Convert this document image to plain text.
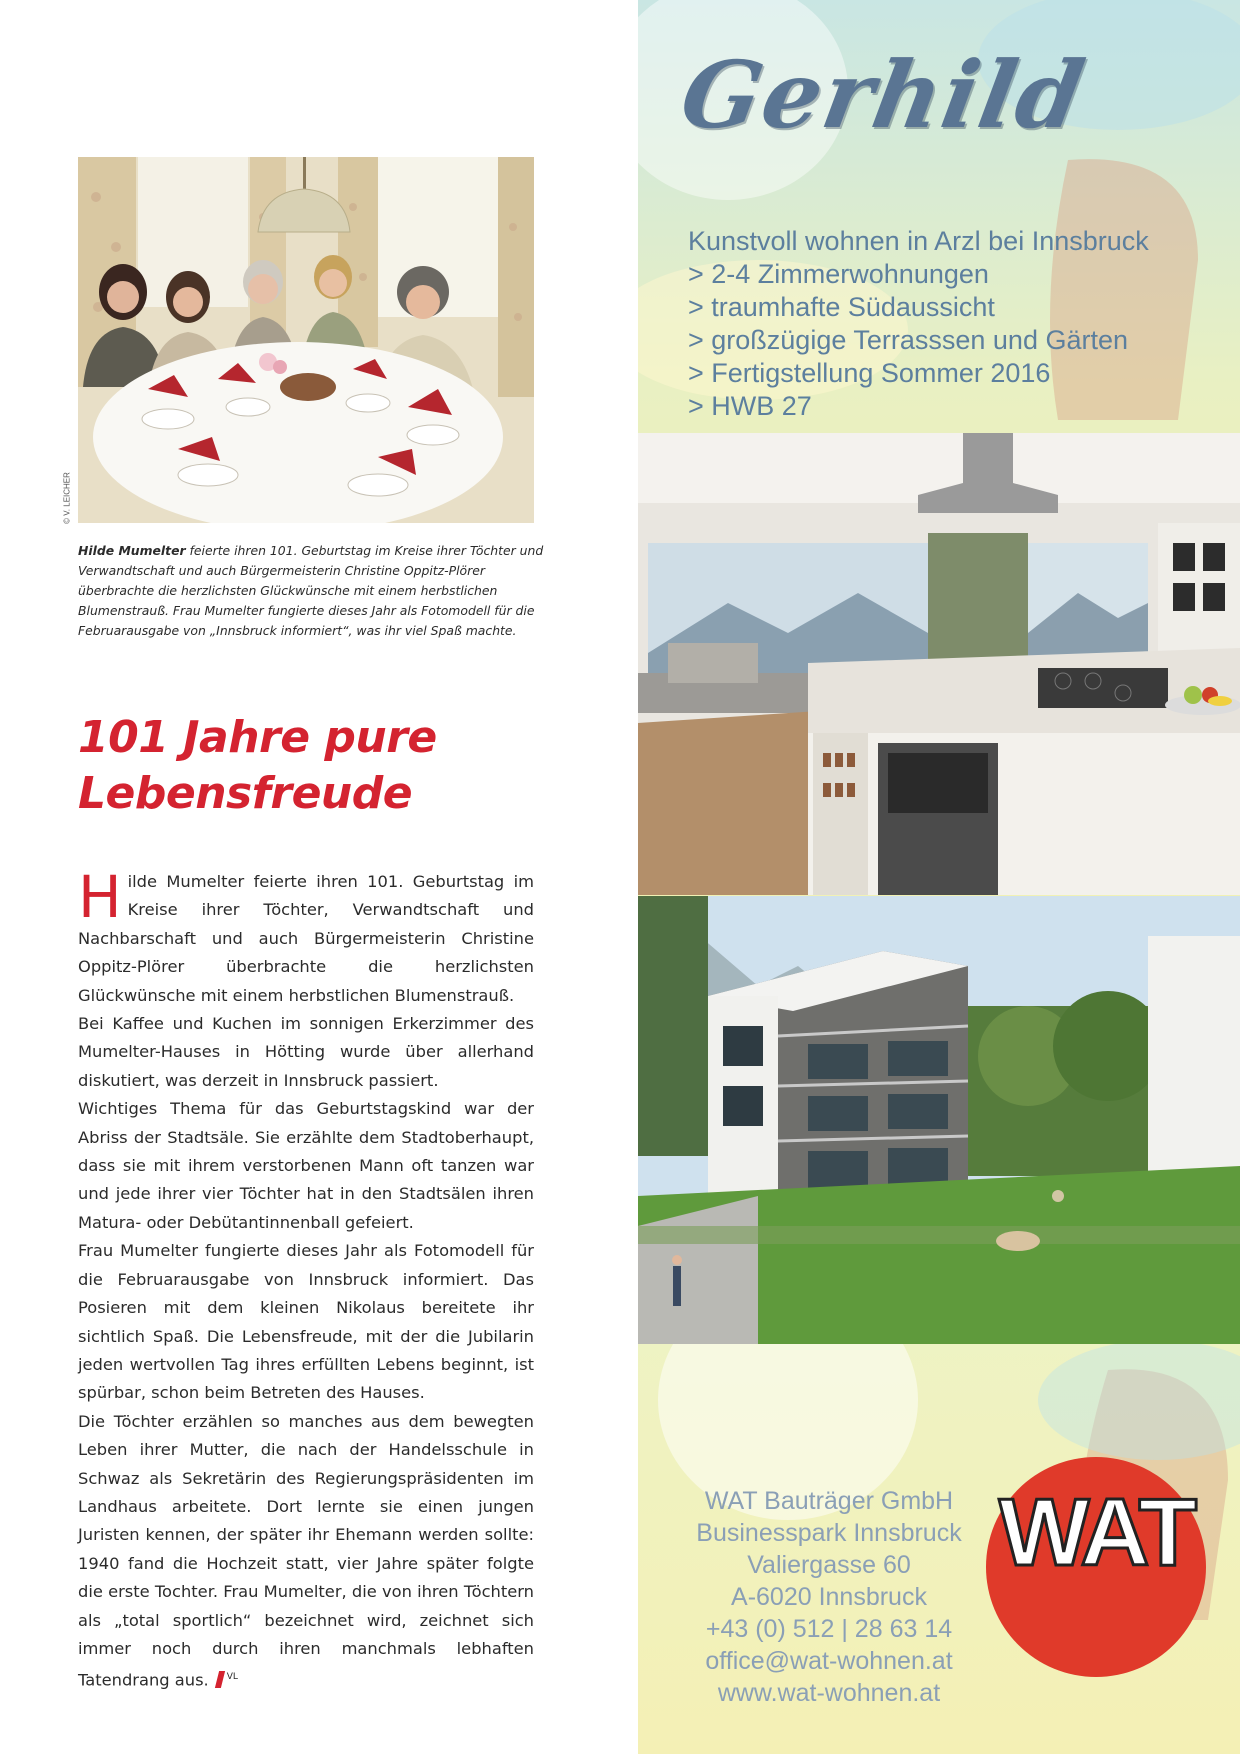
© V. LEICHER
Hilde Mumelter feierte ihren 101. Geburtstag im Kreise ihrer Töchter und Verwandtschaft und auch Bürgermeisterin Christine Oppitz-Plörer überbrachte die herzlichsten Glückwünsche mit einem herbstlichen Blumenstrauß. Frau Mumelter fungierte dieses Jahr als Fotomodell für die Februarausgabe von „Innsbruck informiert“, was ihr viel Spaß machte.
101 Jahre pure Lebensfreude

Hilde Mumelter feierte ihren 101. Geburtstag im Kreise ihrer Töchter, Verwandtschaft und Nachbarschaft und auch Bürgermeisterin Christine Oppitz-Plörer überbrachte die herzlichsten Glückwünsche mit einem herbstlichen Blumenstrauß.

Bei Kaffee und Kuchen im sonnigen Erkerzimmer des Mumelter-Hauses in Hötting wurde über allerhand diskutiert, was derzeit in Innsbruck passiert.

Wichtiges Thema für das Geburtstagskind war der Abriss der Stadtsäle. Sie erzählte dem Stadtoberhaupt, dass sie mit ihrem verstorbenen Mann oft tanzen war und jede ihrer vier Töchter hat in den Stadtsälen ihren Matura- oder Debütantinnenball gefeiert.

Frau Mumelter fungierte dieses Jahr als Fotomodell für die Februarausgabe von Innsbruck informiert. Das Posieren mit dem kleinen Nikolaus bereitete ihr sichtlich Spaß. Die Lebensfreude, mit der die Jubilarin jeden wertvollen Tag ihres erfüllten Lebens beginnt, ist spürbar, schon beim Betreten des Hauses.

Die Töchter erzählen so manches aus dem bewegten Leben ihrer Mutter, die nach der Handelsschule in Schwaz als Sekretärin des Regierungspräsidenten im Landhaus arbeitete. Dort lernte sie einen jungen Juristen kennen, der später ihr Ehemann werden sollte: 1940 fand die Hochzeit statt, vier Jahre später folgte die erste Tochter. Frau Mumelter, die von ihren Töchtern als „total sportlich“ bezeichnet wird, zeichnet sich immer noch durch ihren manchmals lebhaften Tatendrang aus. $^{VL}$

Gerhild
Kunstvoll wohnen in Arzl bei Innsbruck
> 2-4 Zimmerwohnungen
> traumhafte Südaussicht
> großzügige Terrasssen und Gärten
> Fertigstellung Sommer 2016
> HWB 27
WAT Bauträger GmbH
Businesspark Innsbruck
Valiergasse 60
A-6020 Innsbruck
+43 (0) 512 | 28 63 14
office@wat-wohnen.at
www.wat-wohnen.at
WAT
